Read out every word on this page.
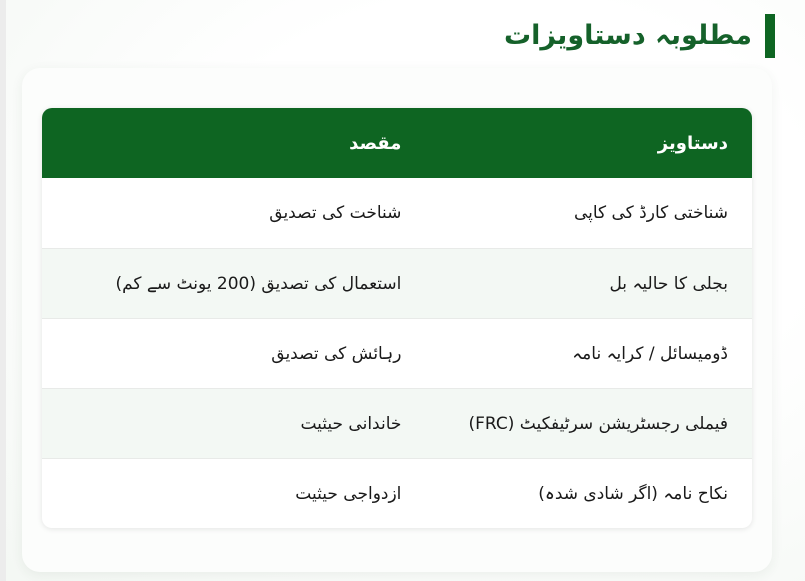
مطلوبہ دستاویزات
دستاویز	مقصد
شناختی کارڈ کی کاپی	شناخت کی تصدیق
بجلی کا حالیہ بل	استعمال کی تصدیق (200 یونٹ سے کم)
ڈومیسائل / کرایہ نامہ	رہائش کی تصدیق
فیملی رجسٹریشن سرٹیفکیٹ (FRC)	خاندانی حیثیت
نکاح نامہ (اگر شادی شدہ)	ازدواجی حیثیت
